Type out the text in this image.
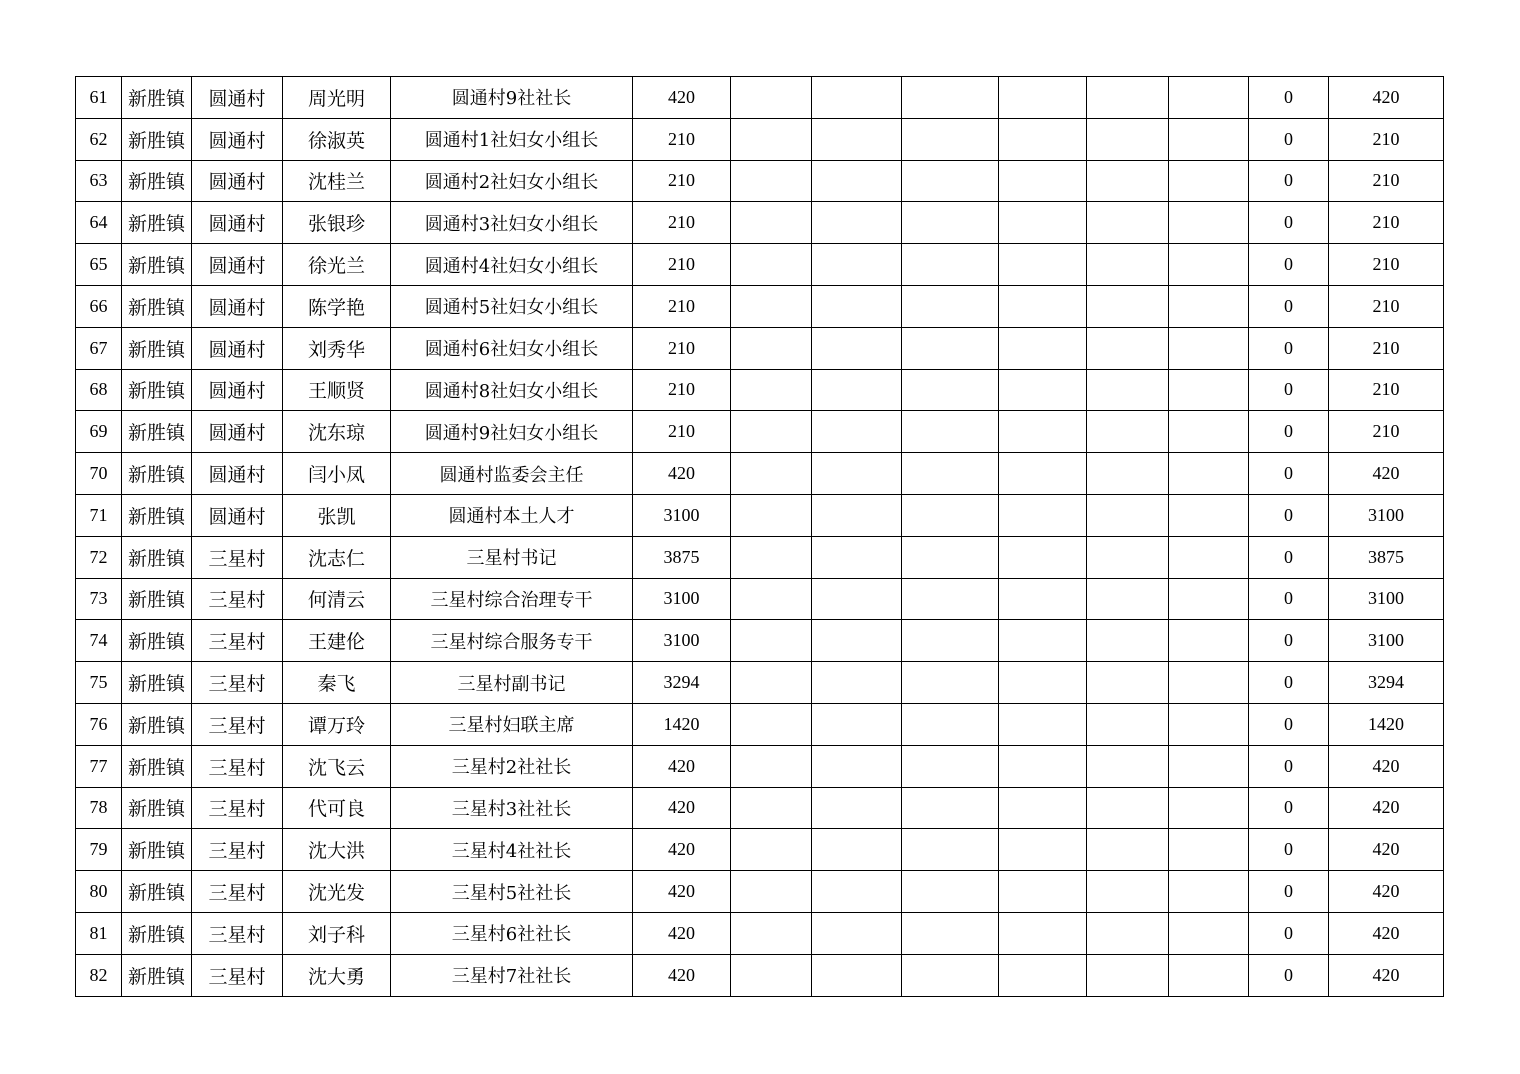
61	新胜镇	圆通村	周光明	圆通村9社社长	420							0	420
62	新胜镇	圆通村	徐淑英	圆通村1社妇女小组长	210							0	210
63	新胜镇	圆通村	沈桂兰	圆通村2社妇女小组长	210							0	210
64	新胜镇	圆通村	张银珍	圆通村3社妇女小组长	210							0	210
65	新胜镇	圆通村	徐光兰	圆通村4社妇女小组长	210							0	210
66	新胜镇	圆通村	陈学艳	圆通村5社妇女小组长	210							0	210
67	新胜镇	圆通村	刘秀华	圆通村6社妇女小组长	210							0	210
68	新胜镇	圆通村	王顺贤	圆通村8社妇女小组长	210							0	210
69	新胜镇	圆通村	沈东琼	圆通村9社妇女小组长	210							0	210
70	新胜镇	圆通村	闫小凤	圆通村监委会主任	420							0	420
71	新胜镇	圆通村	张凯	圆通村本土人才	3100							0	3100
72	新胜镇	三星村	沈志仁	三星村书记	3875							0	3875
73	新胜镇	三星村	何清云	三星村综合治理专干	3100							0	3100
74	新胜镇	三星村	王建伦	三星村综合服务专干	3100							0	3100
75	新胜镇	三星村	秦飞	三星村副书记	3294							0	3294
76	新胜镇	三星村	谭万玲	三星村妇联主席	1420							0	1420
77	新胜镇	三星村	沈飞云	三星村2社社长	420							0	420
78	新胜镇	三星村	代可良	三星村3社社长	420							0	420
79	新胜镇	三星村	沈大洪	三星村4社社长	420							0	420
80	新胜镇	三星村	沈光发	三星村5社社长	420							0	420
81	新胜镇	三星村	刘子科	三星村6社社长	420							0	420
82	新胜镇	三星村	沈大勇	三星村7社社长	420							0	420
